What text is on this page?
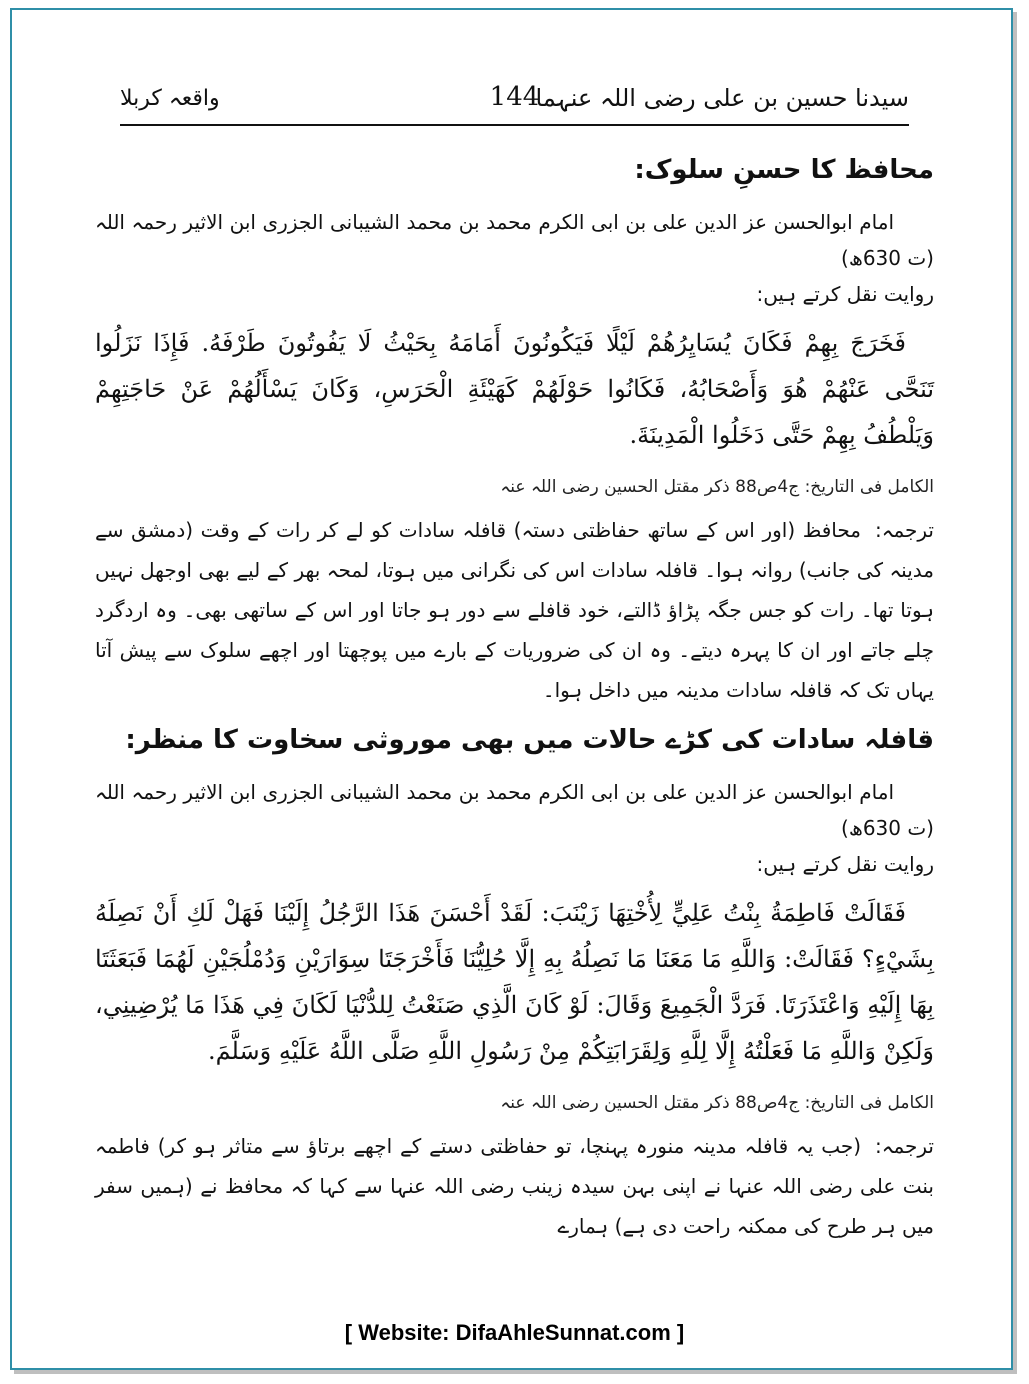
سیدنا حسین بن علی رضی اللہ عنہما
144
واقعہ کربلا
محافظ کا حسنِ سلوک:

امام ابوالحسن عز الدین علی بن ابی الکرم محمد بن محمد الشیبانی الجزری ابن الاثیر رحمہ اللہ (ت 630ھ)

روایت نقل کرتے ہیں:

فَخَرَجَ بِهِمْ فَكَانَ يُسَايِرُهُمْ لَيْلًا فَيَكُونُونَ أَمَامَهُ بِحَيْثُ لَا يَفُوتُونَ طَرْفَهُ. فَإِذَا نَزَلُوا تَنَحَّى عَنْهُمْ هُوَ وَأَصْحَابُهُ، فَكَانُوا حَوْلَهُمْ كَهَيْئَةِ الْحَرَسِ، وَكَانَ يَسْأَلُهُمْ عَنْ حَاجَتِهِمْ وَيَلْطُفُ بِهِمْ حَتَّى دَخَلُوا الْمَدِينَةَ.

الکامل فی التاریخ: ج4ص88 ذکر مقتل الحسین رضی اللہ عنہ

ترجمہ:محافظ (اور اس کے ساتھ حفاظتی دستہ) قافلہ سادات کو لے کر رات کے وقت (دمشق سے مدینہ کی جانب) روانہ ہوا۔ قافلہ سادات اس کی نگرانی میں ہوتا، لمحہ بھر کے لیے بھی اوجھل نہیں ہوتا تھا۔ رات کو جس جگہ پڑاؤ ڈالتے، خود قافلے سے دور ہو جاتا اور اس کے ساتھی بھی۔ وہ اردگرد چلے جاتے اور ان کا پہرہ دیتے۔ وہ ان کی ضروریات کے بارے میں پوچھتا اور اچھے سلوک سے پیش آتا یہاں تک کہ قافلہ سادات مدینہ میں داخل ہوا۔

قافلہ سادات کی کڑے حالات میں بھی موروثی سخاوت کا منظر:

امام ابوالحسن عز الدین علی بن ابی الکرم محمد بن محمد الشیبانی الجزری ابن الاثیر رحمہ اللہ (ت 630ھ)

روایت نقل کرتے ہیں:

فَقَالَتْ فَاطِمَةُ بِنْتُ عَلِيٍّ لِأُخْتِهَا زَيْنَبَ: لَقَدْ أَحْسَنَ هَذَا الرَّجُلُ إِلَيْنَا فَهَلْ لَكِ أَنْ نَصِلَهُ بِشَيْءٍ؟ فَقَالَتْ: وَاللَّهِ مَا مَعَنَا مَا نَصِلُهُ بِهِ إِلَّا حُلِيُّنَا فَأَخْرَجَتَا سِوَارَيْنِ وَدُمْلُجَيْنِ لَهُمَا فَبَعَثَتَا بِهَا إِلَيْهِ وَاعْتَذَرَتَا. فَرَدَّ الْجَمِيعَ وَقَالَ: لَوْ كَانَ الَّذِي صَنَعْتُ لِلدُّنْيَا لَكَانَ فِي هَذَا مَا يُرْضِينِي، وَلَكِنْ وَاللَّهِ مَا فَعَلْتُهُ إِلَّا لِلَّهِ وَلِقَرَابَتِكُمْ مِنْ رَسُولِ اللَّهِ صَلَّى اللَّهُ عَلَيْهِ وَسَلَّمَ.

الکامل فی التاریخ: ج4ص88 ذکر مقتل الحسین رضی اللہ عنہ

ترجمہ:(جب یہ قافلہ مدینہ منورہ پہنچا، تو حفاظتی دستے کے اچھے برتاؤ سے متاثر ہو کر) فاطمہ بنت علی رضی اللہ عنہا نے اپنی بہن سیدہ زینب رضی اللہ عنہا سے کہا کہ محافظ نے (ہمیں سفر میں ہر طرح کی ممکنہ راحت دی ہے) ہمارے

[ Website: DifaAhleSunnat.com ]
